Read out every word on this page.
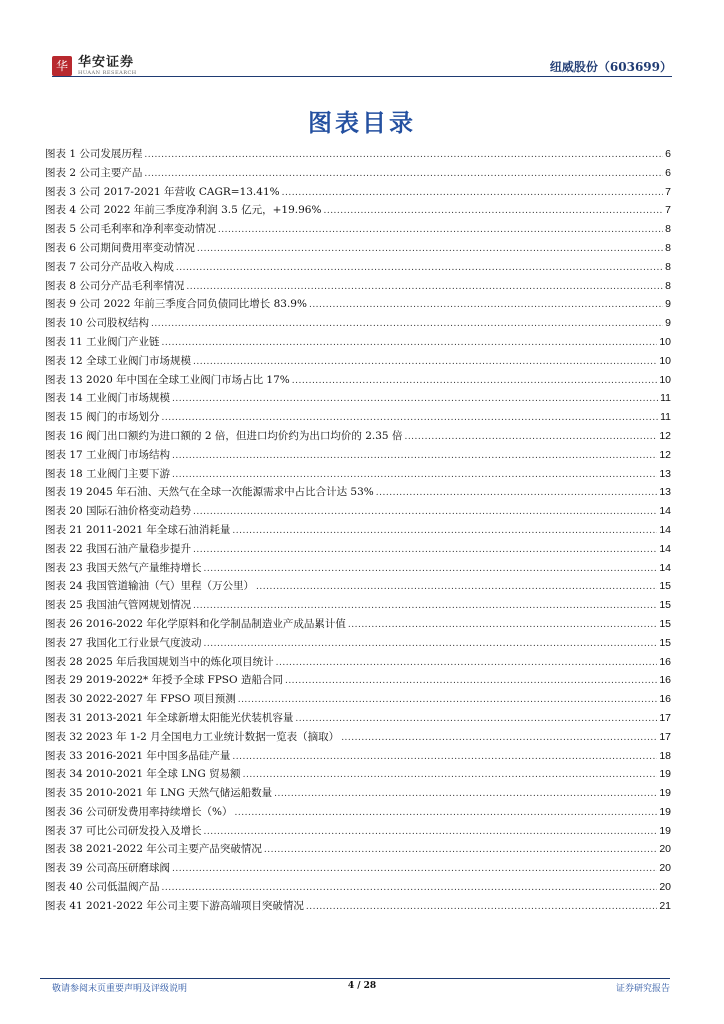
华 华安证券
HUAAN RESEARCH	纽威股份（603699）
图表目录
图表 1 公司发展历程 .....	6
图表 2 公司主要产品 .....	6
图表 3 公司 2017-2021 年营收 CAGR=13.41% .....	7
图表 4 公司 2022 年前三季度净利润 3.5 亿元，+19.96% .....	7
图表 5 公司毛利率和净利率变动情况 .....	8
图表 6 公司期间费用率变动情况 .....	8
图表 7 公司分产品收入构成 .....	8
图表 8 公司分产品毛利率情况 .....	8
图表 9 公司 2022 年前三季度合同负债同比增长 83.9% .....	9
图表 10 公司股权结构 .....	9
图表 11 工业阀门产业链 .....	10
图表 12 全球工业阀门市场规模 .....	10
图表 13 2020 年中国在全球工业阀门市场占比 17% .....	10
图表 14 工业阀门市场规模 .....	11
图表 15 阀门的市场划分 .....	11
图表 16 阀门出口额约为进口额的 2 倍，但进口均价约为出口均价的 2.35 倍 .....	12
图表 17 工业阀门市场结构 .....	12
图表 18 工业阀门主要下游 .....	13
图表 19 2045 年石油、天然气在全球一次能源需求中占比合计达 53% .....	13
图表 20 国际石油价格变动趋势 .....	14
图表 21 2011-2021 年全球石油消耗量 .....	14
图表 22 我国石油产量稳步提升 .....	14
图表 23 我国天然气产量维持增长 .....	14
图表 24 我国管道输油（气）里程（万公里） .....	15
图表 25 我国油气管网规划情况 .....	15
图表 26 2016-2022 年化学原料和化学制品制造业产成品累计值 .....	15
图表 27 我国化工行业景气度波动 .....	15
图表 28 2025 年后我国规划当中的炼化项目统计 .....	16
图表 29 2019-2022* 年授予全球 FPSO 造船合同 .....	16
图表 30 2022-2027 年 FPSO 项目预测 .....	16
图表 31 2013-2021 年全球新增太阳能光伏装机容量 .....	17
图表 32 2023 年 1-2 月全国电力工业统计数据一览表（摘取） .....	17
图表 33 2016-2021 年中国多晶硅产量 .....	18
图表 34 2010-2021 年全球 LNG 贸易额 .....	19
图表 35 2010-2021 年 LNG 天然气储运船数量 .....	19
图表 36 公司研发费用率持续增长（%） .....	19
图表 37 可比公司研发投入及增长 .....	19
图表 38 2021-2022 年公司主要产品突破情况 .....	20
图表 39 公司高压研磨球阀 .....	20
图表 40 公司低温阀产品 .....	20
图表 41 2021-2022 年公司主要下游高端项目突破情况 .....	21
敬请参阅末页重要声明及评级说明	4 / 28	证券研究报告
